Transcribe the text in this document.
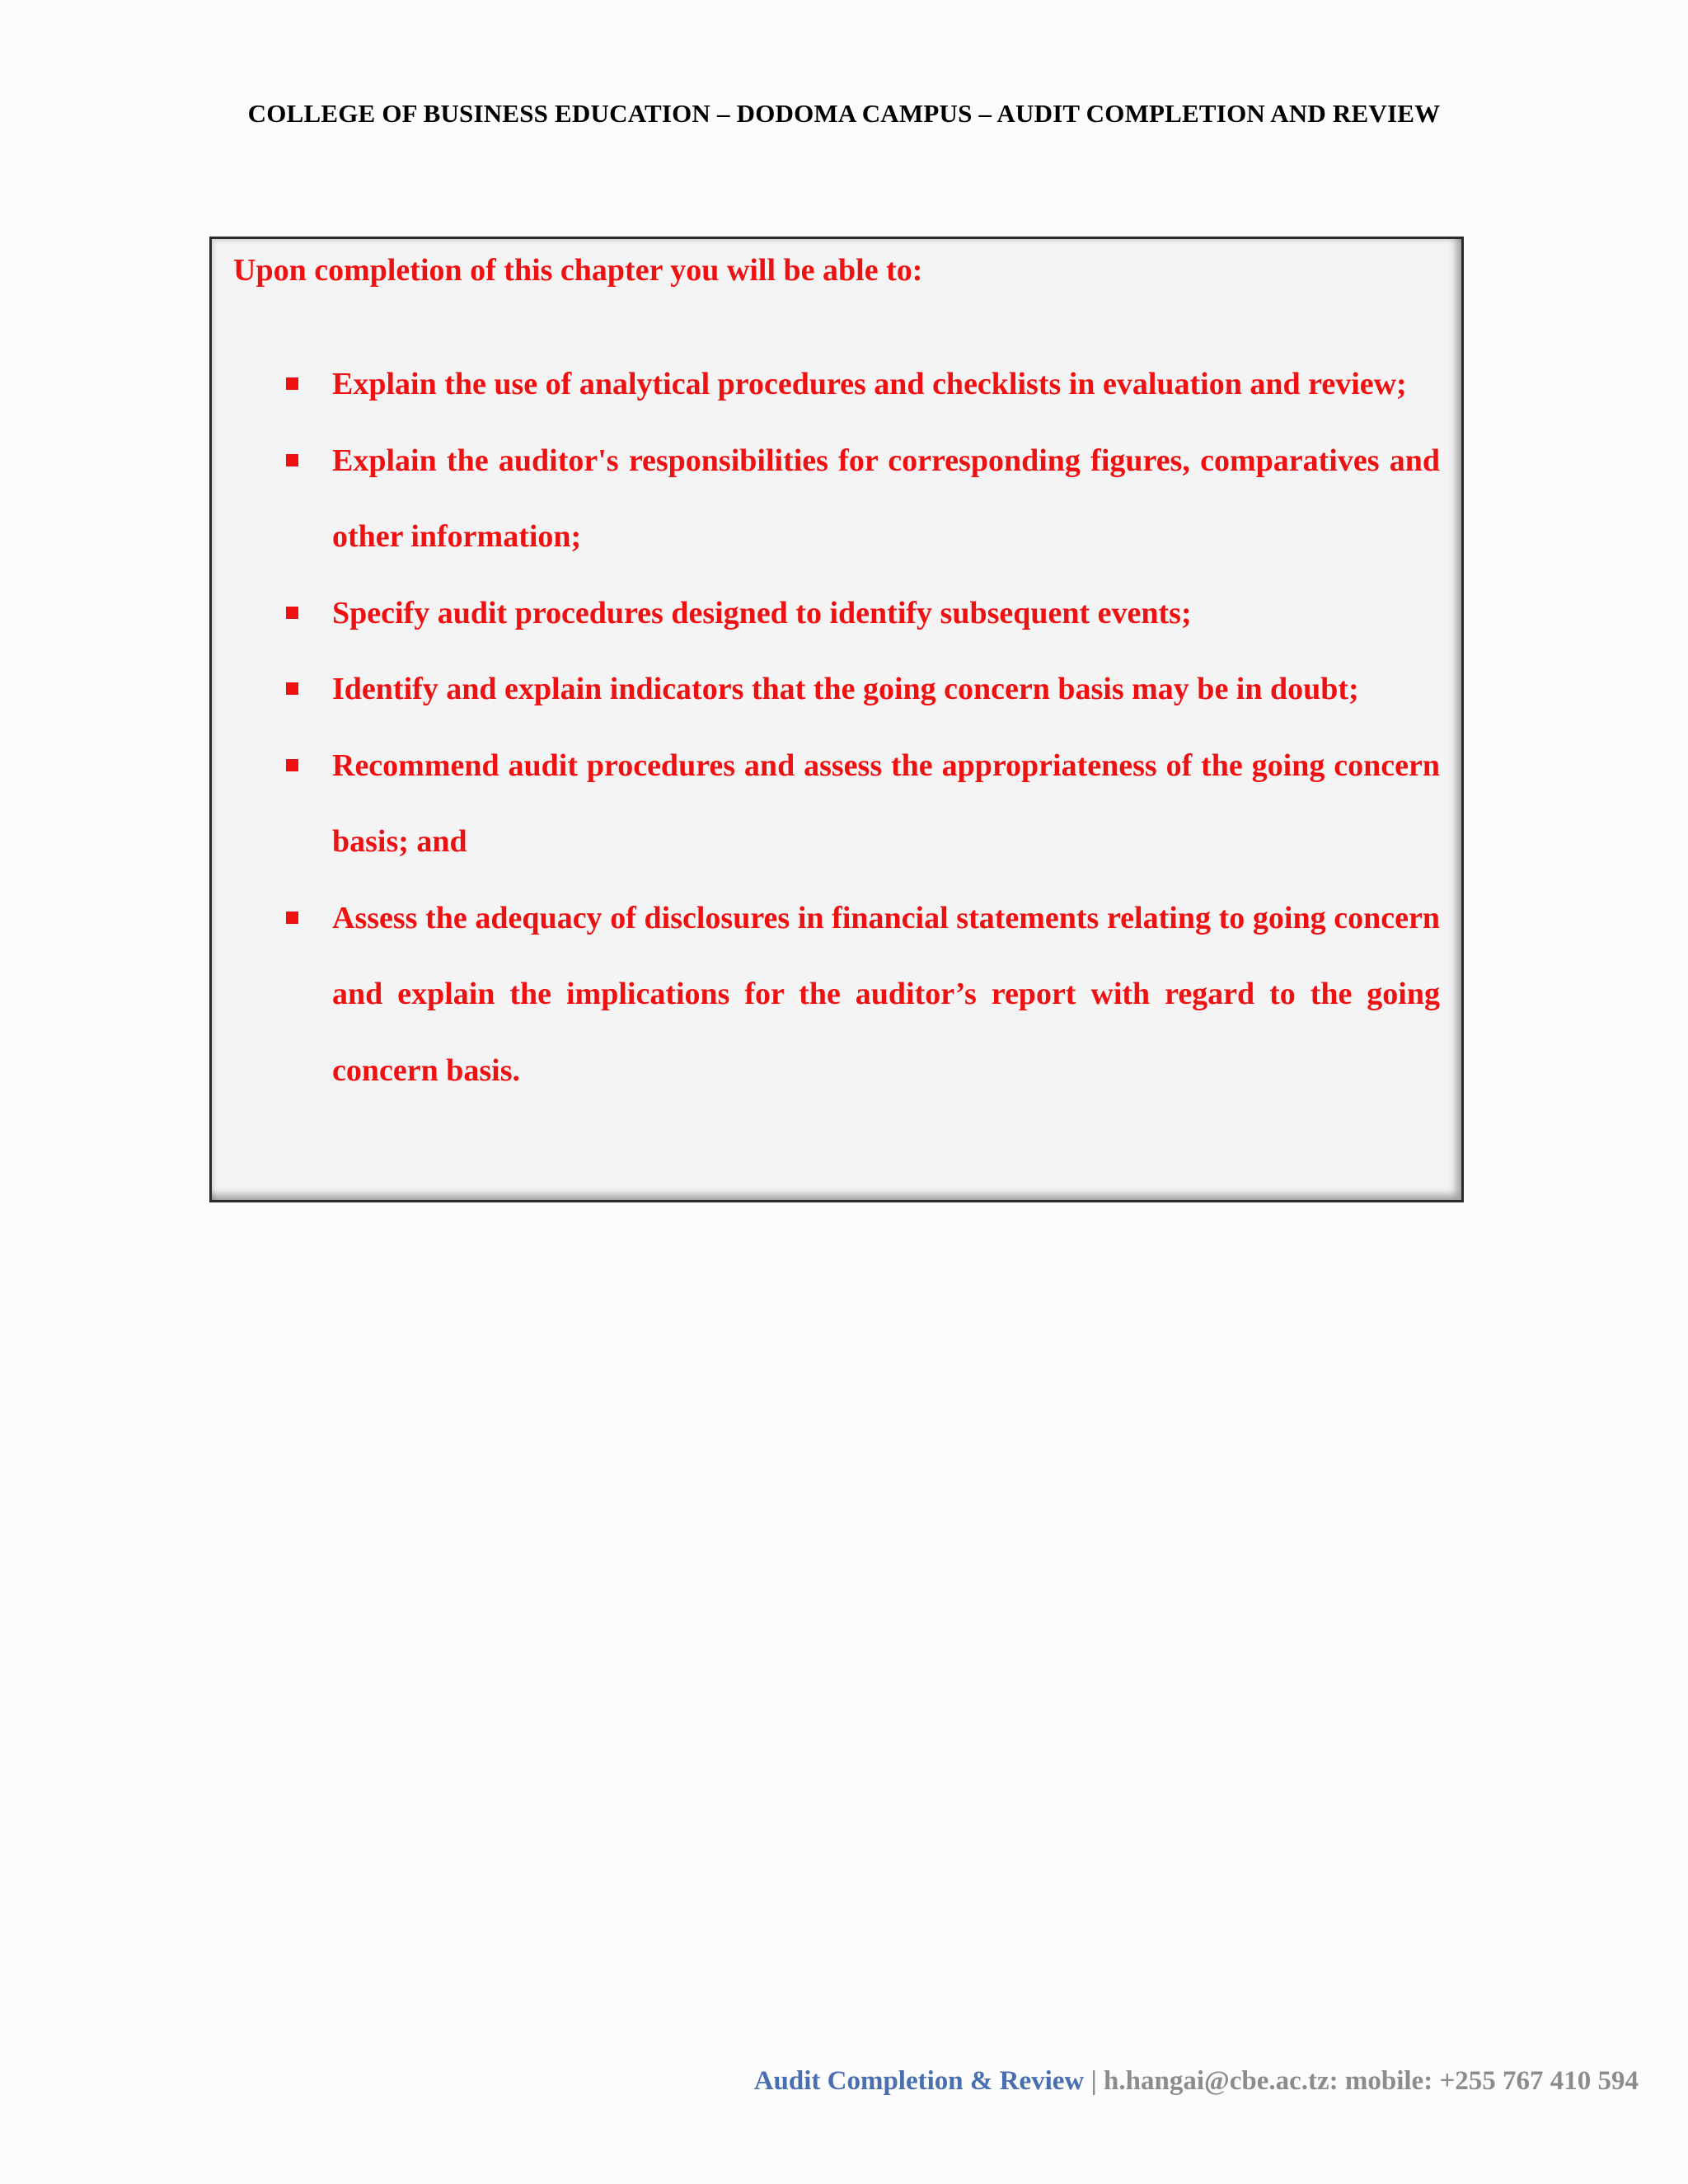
COLLEGE OF BUSINESS EDUCATION – DODOMA CAMPUS – AUDIT COMPLETION AND REVIEW
Upon completion of this chapter you will be able to:
Explain the use of analytical procedures and checklists in evaluation and review;
Explain the auditor's responsibilities for corresponding figures, comparatives and other information;
Specify audit procedures designed to identify subsequent events;
Identify and explain indicators that the going concern basis may be in doubt;
Recommend audit procedures and assess the appropriateness of the going concern basis; and
Assess the adequacy of disclosures in financial statements relating to going concern and explain the implications for the auditor’s report with regard to the going concern basis.
Audit Completion & Review | h.hangai@cbe.ac.tz: mobile: +255 767 410 594
